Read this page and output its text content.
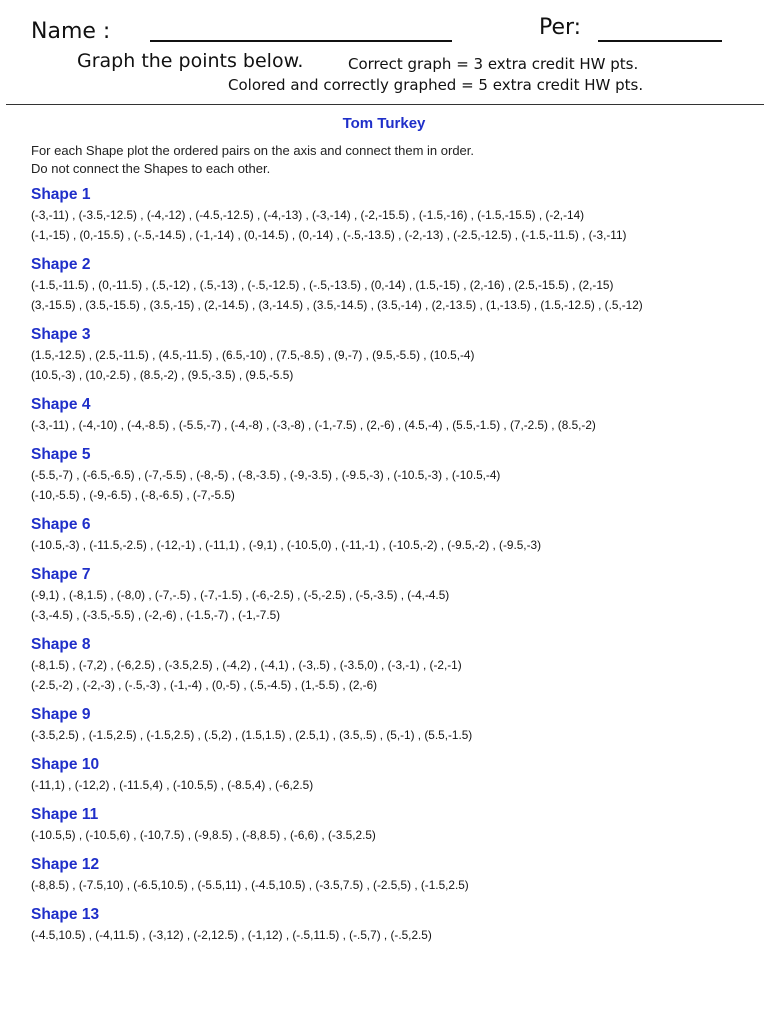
Name :	Per:
Graph the points below.	Correct graph = 3 extra credit HW pts.
Colored and correctly graphed = 5 extra credit HW pts.
Tom Turkey
For each Shape plot the ordered pairs on the axis and connect them in order.
Do not connect the Shapes to each other.
Shape 1
(-3,-11) , (-3.5,-12.5) , (-4,-12) , (-4.5,-12.5) , (-4,-13) , (-3,-14) , (-2,-15.5) , (-1.5,-16) , (-1.5,-15.5) , (-2,-14)
(-1,-15) , (0,-15.5) , (-.5,-14.5) , (-1,-14) , (0,-14.5) , (0,-14) , (-.5,-13.5) , (-2,-13) , (-2.5,-12.5) , (-1.5,-11.5) , (-3,-11)
Shape 2
(-1.5,-11.5) , (0,-11.5) , (.5,-12) , (.5,-13) , (-.5,-12.5) , (-.5,-13.5) , (0,-14) , (1.5,-15) , (2,-16) , (2.5,-15.5) , (2,-15)
(3,-15.5) , (3.5,-15.5) , (3.5,-15) , (2,-14.5) , (3,-14.5) , (3.5,-14.5) , (3.5,-14) , (2,-13.5) , (1,-13.5) , (1.5,-12.5) , (.5,-12)
Shape 3
(1.5,-12.5) , (2.5,-11.5) , (4.5,-11.5) , (6.5,-10) , (7.5,-8.5) , (9,-7) , (9.5,-5.5) , (10.5,-4)
(10.5,-3) , (10,-2.5) , (8.5,-2) , (9.5,-3.5) , (9.5,-5.5)
Shape 4
(-3,-11) , (-4,-10) , (-4,-8.5) , (-5.5,-7) , (-4,-8) , (-3,-8) , (-1,-7.5) , (2,-6) , (4.5,-4) , (5.5,-1.5) , (7,-2.5) , (8.5,-2)
Shape 5
(-5.5,-7) , (-6.5,-6.5) , (-7,-5.5) , (-8,-5) , (-8,-3.5) , (-9,-3.5) , (-9.5,-3) , (-10.5,-3) , (-10.5,-4)
(-10,-5.5) , (-9,-6.5) , (-8,-6.5) , (-7,-5.5)
Shape 6
(-10.5,-3) , (-11.5,-2.5) , (-12,-1) , (-11,1) , (-9,1) , (-10.5,0) , (-11,-1) , (-10.5,-2) , (-9.5,-2) , (-9.5,-3)
Shape 7
(-9,1) , (-8,1.5) , (-8,0) , (-7,-.5) , (-7,-1.5) , (-6,-2.5) , (-5,-2.5) , (-5,-3.5) , (-4,-4.5)
(-3,-4.5) , (-3.5,-5.5) , (-2,-6) , (-1.5,-7) , (-1,-7.5)
Shape 8
(-8,1.5) , (-7,2) , (-6,2.5) , (-3.5,2.5) , (-4,2) , (-4,1) , (-3,.5) , (-3.5,0) , (-3,-1) , (-2,-1)
(-2.5,-2) , (-2,-3) , (-.5,-3) , (-1,-4) , (0,-5) , (.5,-4.5) , (1,-5.5) , (2,-6)
Shape 9
(-3.5,2.5) , (-1.5,2.5) , (-1.5,2.5) , (.5,2) , (1.5,1.5) , (2.5,1) , (3.5,.5) , (5,-1) , (5.5,-1.5)
Shape 10
(-11,1) , (-12,2) , (-11.5,4) , (-10.5,5) , (-8.5,4) , (-6,2.5)
Shape 11
(-10.5,5) , (-10.5,6) , (-10,7.5) , (-9,8.5) , (-8,8.5) , (-6,6) , (-3.5,2.5)
Shape 12
(-8,8.5) , (-7.5,10) , (-6.5,10.5) , (-5.5,11) , (-4.5,10.5) , (-3.5,7.5) , (-2.5,5) , (-1.5,2.5)
Shape 13
(-4.5,10.5) , (-4,11.5) , (-3,12) , (-2,12.5) , (-1,12) , (-.5,11.5) , (-.5,7) , (-.5,2.5)
